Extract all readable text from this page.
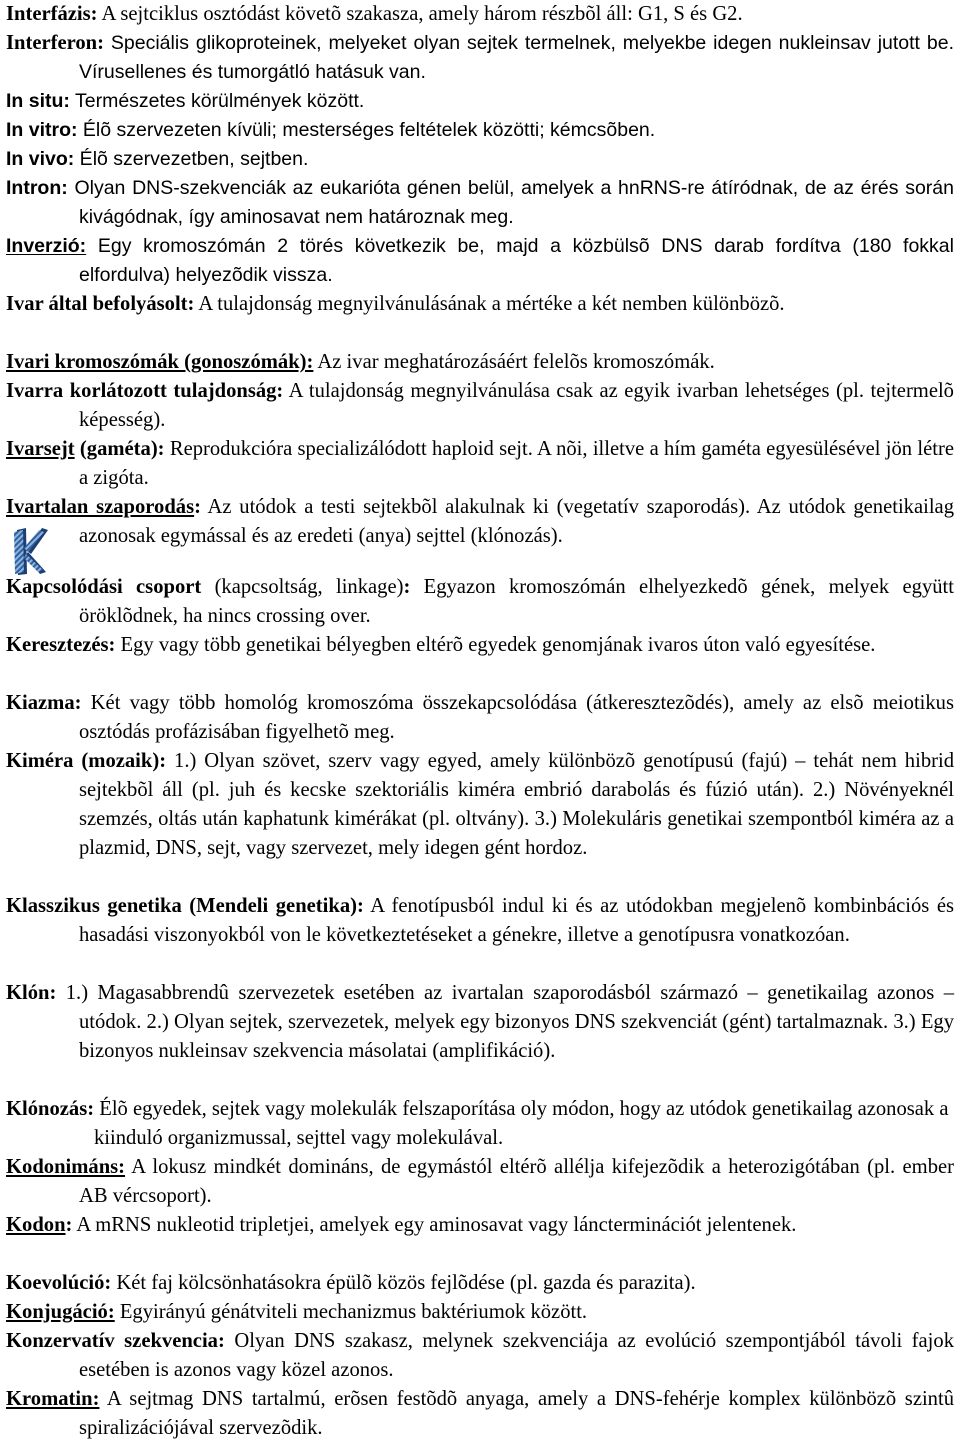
Interfázis: A sejtciklus osztódást követõ szakasza, amely három részbõl áll: G1, S és G2.
Interferon: Speciális glikoproteinek, melyeket olyan sejtek termelnek, melyekbe idegen nukleinsav jutott be. Vírusellenes és tumorgátló hatásuk van.
In situ: Természetes körülmények között.
In vitro: Élõ szervezeten kívüli; mesterséges feltételek közötti; kémcsõben.
In vivo: Élõ szervezetben, sejtben.
Intron: Olyan DNS-szekvenciák az eukarióta génen belül, amelyek a hnRNS-re átíródnak, de az érés során kivágódnak, így aminosavat nem határoznak meg.
Inverzió: Egy kromoszómán 2 törés következik be, majd a közbülsõ DNS darab fordítva (180 fokkal elfordulva) helyezõdik vissza.
Ivar által befolyásolt: A tulajdonság megnyilvánulásának a mértéke a két nemben különbözõ.
Ivari kromoszómák (gonoszómák): Az ivar meghatározásáért felelõs kromoszómák.
Ivarra korlátozott tulajdonság: A tulajdonság megnyilvánulása csak az egyik ivarban lehetséges (pl. tejtermelõ képesség).
Ivarsejt (gaméta): Reprodukcióra specializálódott haploid sejt. A nõi, illetve a hím gaméta egyesülésével jön létre a zigóta.
Ivartalan szaporodás: Az utódok a testi sejtekbõl alakulnak ki (vegetatív szaporodás). Az utódok genetikailag azonosak egymással és az eredeti (anya) sejttel (klónozás).
Kapcsolódási csoport (kapcsoltság, linkage): Egyazon kromoszómán elhelyezkedõ gének, melyek együtt öröklõdnek, ha nincs crossing over.
Keresztezés: Egy vagy több genetikai bélyegben eltérõ egyedek genomjának ivaros úton való egyesítése.
Kiazma: Két vagy több homológ kromoszóma összekapcsolódása (átkeresztezõdés), amely az elsõ meiotikus osztódás profázisában figyelhetõ meg.
Kiméra (mozaik): 1.) Olyan szövet, szerv vagy egyed, amely különbözõ genotípusú (fajú) – tehát nem hibrid sejtekbõl áll (pl. juh és kecske szektoriális kiméra embrió darabolás és fúzió után). 2.) Növényeknél szemzés, oltás után kaphatunk kimérákat (pl. oltvány). 3.) Molekuláris genetikai szempontból kiméra az a plazmid, DNS, sejt, vagy szervezet, mely idegen gént hordoz.
Klasszikus genetika (Mendeli genetika): A fenotípusból indul ki és az utódokban megjelenõ kombinbációs és hasadási viszonyokból von le következtetéseket a génekre, illetve a genotípusra vonatkozóan.
Klón: 1.) Magasabbrendû szervezetek esetében az ivartalan szaporodásból származó – genetikailag azonos – utódok. 2.) Olyan sejtek, szervezetek, melyek egy bizonyos DNS szekvenciát (gént) tartalmaznak. 3.) Egy bizonyos nukleinsav szekvencia másolatai (amplifikáció).
Klónozás: Élõ egyedek, sejtek vagy molekulák felszaporítása oly módon, hogy az utódok genetikailag azonosak a kiinduló organizmussal, sejttel vagy molekulával.
Kodonimáns: A lokusz mindkét domináns, de egymástól eltérõ allélja kifejezõdik a heterozigótában (pl. ember AB vércsoport).
Kodon: A mRNS nukleotid tripletjei, amelyek egy aminosavat vagy láncterminációt jelentenek.
Koevolúció: Két faj kölcsönhatásokra épülõ közös fejlõdése (pl. gazda és parazita).
Konjugáció: Egyirányú génátviteli mechanizmus baktériumok között.
Konzervatív szekvencia: Olyan DNS szakasz, melynek szekvenciája az evolúció szempontjából távoli fajok esetében is azonos vagy közel azonos.
Kromatin: A sejtmag DNS tartalmú, erõsen festõdõ anyaga, amely a DNS-fehérje komplex különbözõ szintû spiralizációjával szervezõdik.
